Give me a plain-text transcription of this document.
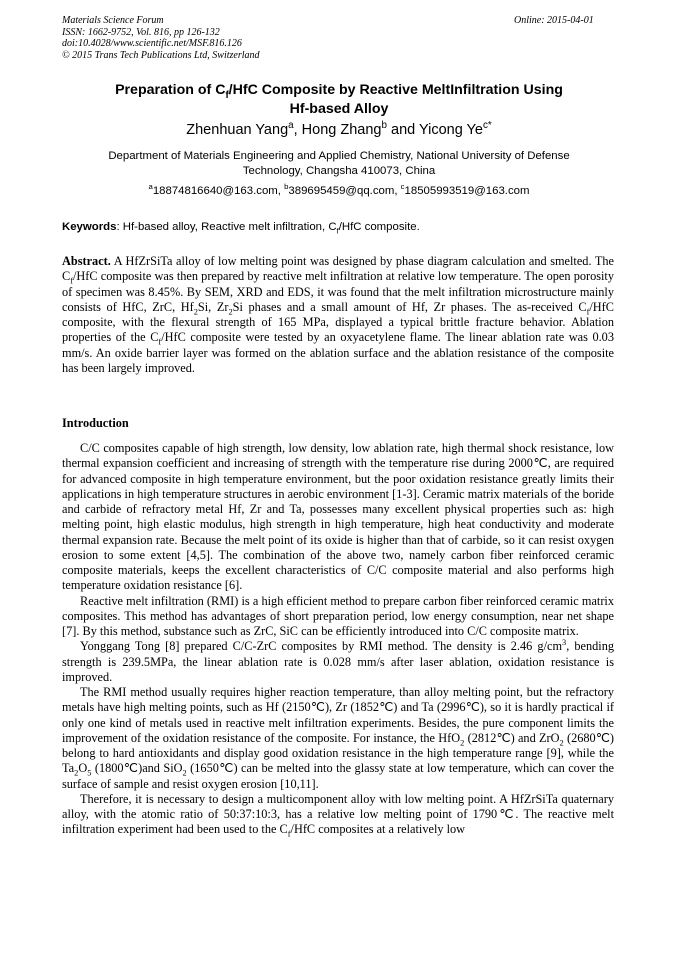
Materials Science Forum
ISSN: 1662-9752, Vol. 816, pp 126-132
doi:10.4028/www.scientific.net/MSF.816.126
© 2015 Trans Tech Publications Ltd, Switzerland
Online: 2015-04-01
Preparation of $C_f$/HfC Composite by Reactive MeltInfiltration Using
Hf-based Alloy
Zhenhuan Yang$^a$, Hong Zhang$^b$ and Yicong $Ye^{c*}$
Department of Materials Engineering and Applied Chemistry, National University of Defense
Technology, Changsha 410073, China
$^a$18874816640@163.com, $^b$389695459@qq.com, $^c$18505993519@163.com
Keywords: Hf-based alloy, Reactive melt infiltration, $C_f$/HfC composite.
Abstract. A HfZrSiTa alloy of low melting point was designed by phase diagram calculation and smelted. The $C_f$/HfC composite was then prepared by reactive melt infiltration at relative low temperature. The open porosity of specimen was 8.45%. By SEM, XRD and EDS, it was found that the melt infiltration microstructure mainly consists of HfC, ZrC, $Hf_2Si$, $Zr_2Si$ phases and a small amount of Hf, Zr phases. The as-received $C_f$/HfC composite, with the flexural strength of 165 MPa, displayed a typical brittle fracture behavior. Ablation properties of the $C_f$/HfC composite were tested by an oxyacetylene flame. The linear ablation rate was 0.03 mm/s. An oxide barrier layer was formed on the ablation surface and the ablation resistance of the composite has been largely improved.
Introduction

C/C composites capable of high strength, low density, low ablation rate, high thermal shock resistance, low thermal expansion coefficient and increasing of strength with the temperature rise during 2000℃, are required for advanced composite in high temperature environment, but the poor oxidation resistance greatly limits their applications in high temperature structures in aerobic environment [1-3]. Ceramic matrix materials of the boride and carbide of refractory metal Hf, Zr and Ta, possesses many excellent physical properties such as: high melting point, high elastic modulus, high strength in high temperature, high heat conductivity and moderate thermal expansion rate. Because the melt point of its oxide is higher than that of carbide, so it can resist oxygen erosion to some extent [4,5]. The combination of the above two, namely carbon fiber reinforced ceramic composite materials, keeps the excellent characteristics of C/C composite material and also performs high temperature oxidation resistance [6].

Reactive melt infiltration (RMI) is a high efficient method to prepare carbon fiber reinforced ceramic matrix composites. This method has advantages of short preparation period, low energy consumption, near net shape [7]. By this method, substance such as ZrC, SiC can be efficiently introduced into C/C composite matrix.

Yonggang Tong [8] prepared C/C-ZrC composites by RMI method. The density is 2.46 $g/cm^3$, bending strength is 239.5MPa, the linear ablation rate is 0.028 mm/s after laser ablation, oxidation resistance is improved.

The RMI method usually requires higher reaction temperature, than alloy melting point, but the refractory metals have high melting points, such as Hf (2150℃), Zr (1852℃) and Ta (2996℃), so it is hardly practical if only one kind of metals used in reactive melt infiltration experiments. Besides, the pure component limits the improvement of the oxidation resistance of the composite. For instance, the HfO$_2$ (2812℃) and ZrO$_2$ (2680℃) belong to hard antioxidants and display good oxidation resistance in the high temperature range [9], while the $Ta_2O_5$ (1800℃)and SiO$_2$ (1650℃) can be melted into the glassy state at low temperature, which can cover the surface of sample and resist oxygen erosion [10,11].

Therefore, it is necessary to design a multicomponent alloy with low melting point. A HfZrSiTa quaternary alloy, with the atomic ratio of 50:37:10:3, has a relative low melting point of 1790℃. The reactive melt infiltration experiment had been used to the $C_f$/HfC composites at a relatively low
